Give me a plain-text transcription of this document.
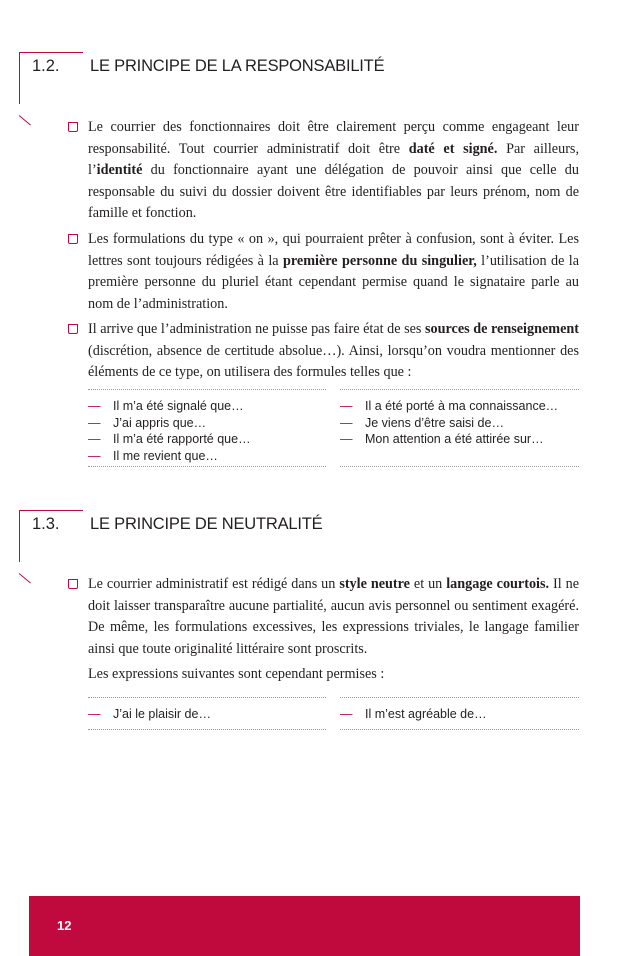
1.2.	LE PRINCIPE DE LA RESPONSABILITÉ
Le courrier des fonctionnaires doit être clairement perçu comme engageant leur responsabilité. Tout courrier administratif doit être daté et signé. Par ailleurs, l’identité du fonctionnaire ayant une délégation de pouvoir ainsi que celle du responsable du suivi du dossier doivent être identifiables par leurs prénom, nom de famille et fonction.
Les formulations du type « on », qui pourraient prêter à confusion, sont à éviter. Les lettres sont toujours rédigées à la première personne du singulier, l’utilisation de la première personne du pluriel étant cependant permise quand le signataire parle au nom de l’administration.
Il arrive que l’administration ne puisse pas faire état de ses sources de renseignement (discrétion, absence de certitude absolue…). Ainsi, lorsqu’on voudra mentionner des éléments de ce type, on utilisera des formules telles que :
— Il m’a été signalé que…
— J’ai appris que…
— Il m’a été rapporté que…
— Il me revient que…
— Il a été porté à ma connaissance…
— Je viens d’être saisi de…
— Mon attention a été attirée sur…
1.3.	LE PRINCIPE DE NEUTRALITÉ
Le courrier administratif est rédigé dans un style neutre et un langage courtois. Il ne doit laisser transparaître aucune partialité, aucun avis personnel ou sentiment exagéré. De même, les formulations excessives, les expressions triviales, le langage familier ainsi que toute originalité littéraire sont proscrits.
Les expressions suivantes sont cependant permises :
— J’ai le plaisir de…	— Il m’est agréable de…
12
